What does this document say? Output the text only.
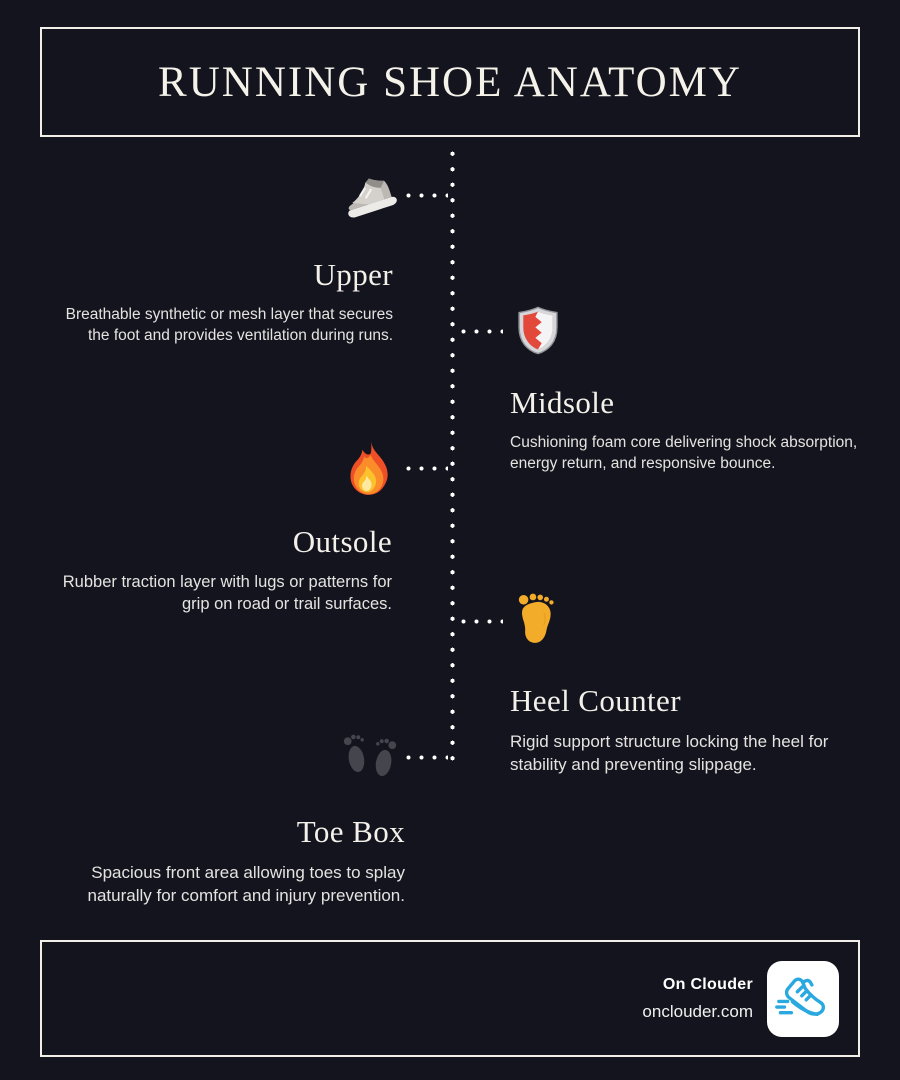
RUNNING SHOE ANATOMY
Upper

Breathable synthetic or mesh layer that secures the foot and provides ventilation during runs.

Midsole

Cushioning foam core delivering shock absorption, energy return, and responsive bounce.

Outsole

Rubber traction layer with lugs or patterns for grip on road or trail surfaces.

Heel Counter

Rigid support structure locking the heel for stability and preventing slippage.

Toe Box

Spacious front area allowing toes to splay naturally for comfort and injury prevention.

On Clouder
onclouder.com
